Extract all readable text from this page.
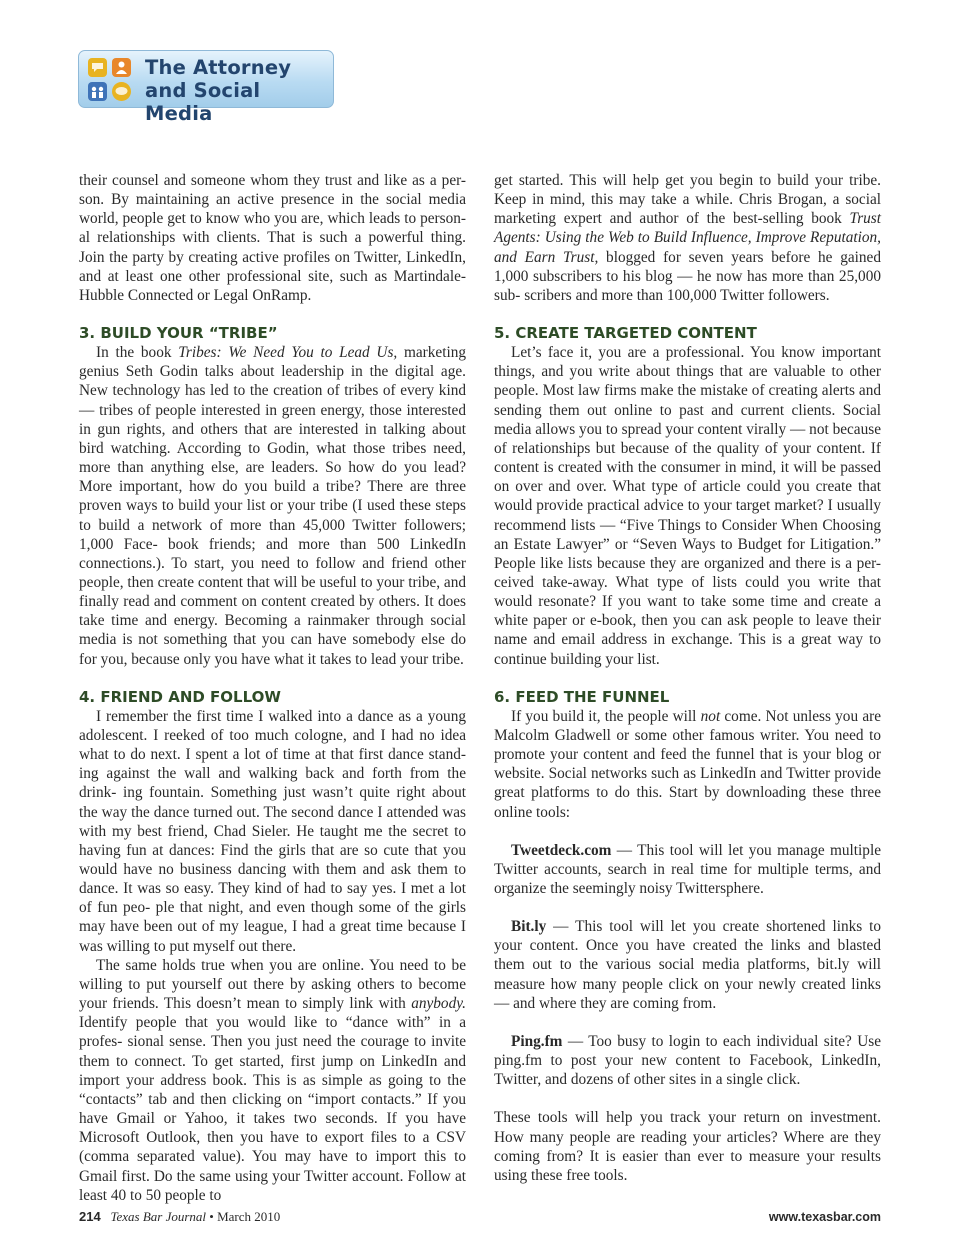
The Attorney
and Social Media

their counsel and someone whom they trust and like as a per- son. By maintaining an active presence in the social media world, people get to know who you are, which leads to person- al relationships with clients. That is such a powerful thing. Join the party by creating active profiles on Twitter, LinkedIn, and at least one other professional site, such as Martindale-Hubble Connected or Legal OnRamp.

3. BUILD YOUR “TRIBE”

In the book Tribes: We Need You to Lead Us, marketing genius Seth Godin talks about leadership in the digital age. New technology has led to the creation of tribes of every kind — tribes of people interested in green energy, those interested in gun rights, and others that are interested in talking about bird watching. According to Godin, what those tribes need, more than anything else, are leaders. So how do you lead? More important, how do you build a tribe? There are three proven ways to build your list or your tribe (I used these steps to build a network of more than 45,000 Twitter followers; 1,000 Face- book friends; and more than 500 LinkedIn connections.). To start, you need to follow and friend other people, then create content that will be useful to your tribe, and finally read and comment on content created by others. It does take time and energy. Becoming a rainmaker through social media is not something that you can have somebody else do for you, because only you have what it takes to lead your tribe.

4. FRIEND AND FOLLOW

I remember the first time I walked into a dance as a young adolescent. I reeked of too much cologne, and I had no idea what to do next. I spent a lot of time at that first dance stand- ing against the wall and walking back and forth from the drink- ing fountain. Something just wasn’t quite right about the way the dance turned out. The second dance I attended was with my best friend, Chad Sieler. He taught me the secret to having fun at dances: Find the girls that are so cute that you would have no business dancing with them and ask them to dance. It was so easy. They kind of had to say yes. I met a lot of fun peo- ple that night, and even though some of the girls may have been out of my league, I had a great time because I was willing to put myself out there.

The same holds true when you are online. You need to be willing to put yourself out there by asking others to become your friends. This doesn’t mean to simply link with anybody. Identify people that you would like to “dance with” in a profes- sional sense. Then you just need the courage to invite them to connect. To get started, first jump on LinkedIn and import your address book. This is as simple as going to the “contacts” tab and then clicking on “import contacts.” If you have Gmail or Yahoo, it takes two seconds. If you have Microsoft Outlook, then you have to export files to a CSV (comma separated value). You may have to import this to Gmail first. Do the same using your Twitter account. Follow at least 40 to 50 people to

get started. This will help get you begin to build your tribe. Keep in mind, this may take a while. Chris Brogan, a social marketing expert and author of the best-selling book Trust Agents: Using the Web to Build Influence, Improve Reputation, and Earn Trust, blogged for seven years before he gained 1,000 subscribers to his blog — he now has more than 25,000 sub- scribers and more than 100,000 Twitter followers.

5. CREATE TARGETED CONTENT

Let’s face it, you are a professional. You know important things, and you write about things that are valuable to other people. Most law firms make the mistake of creating alerts and sending them out online to past and current clients. Social media allows you to spread your content virally — not because of relationships but because of the quality of your content. If content is created with the consumer in mind, it will be passed on over and over. What type of article could you create that would provide practical advice to your target market? I usually recommend lists — “Five Things to Consider When Choosing an Estate Lawyer” or “Seven Ways to Budget for Litigation.” People like lists because they are organized and there is a per- ceived take-away. What type of lists could you write that would resonate? If you want to take some time and create a white paper or e-book, then you can ask people to leave their name and email address in exchange. This is a great way to continue building your list.

6. FEED THE FUNNEL

If you build it, the people will not come. Not unless you are Malcolm Gladwell or some other famous writer. You need to promote your content and feed the funnel that is your blog or website. Social networks such as LinkedIn and Twitter provide great platforms to do this. Start by downloading these three online tools:

Tweetdeck.com — This tool will let you manage multiple Twitter accounts, search in real time for multiple terms, and organize the seemingly noisy Twittersphere.

Bit.ly — This tool will let you create shortened links to your content. Once you have created the links and blasted them out to the various social media platforms, bit.ly will measure how many people click on your newly created links — and where they are coming from.

Ping.fm — Too busy to login to each individual site? Use ping.fm to post your new content to Facebook, LinkedIn, Twitter, and dozens of other sites in a single click.

These tools will help you track your return on investment. How many people are reading your articles? Where are they coming from? It is easier than ever to measure your results using these free tools.

214 Texas Bar Journal • March 2010	www.texasbar.com
